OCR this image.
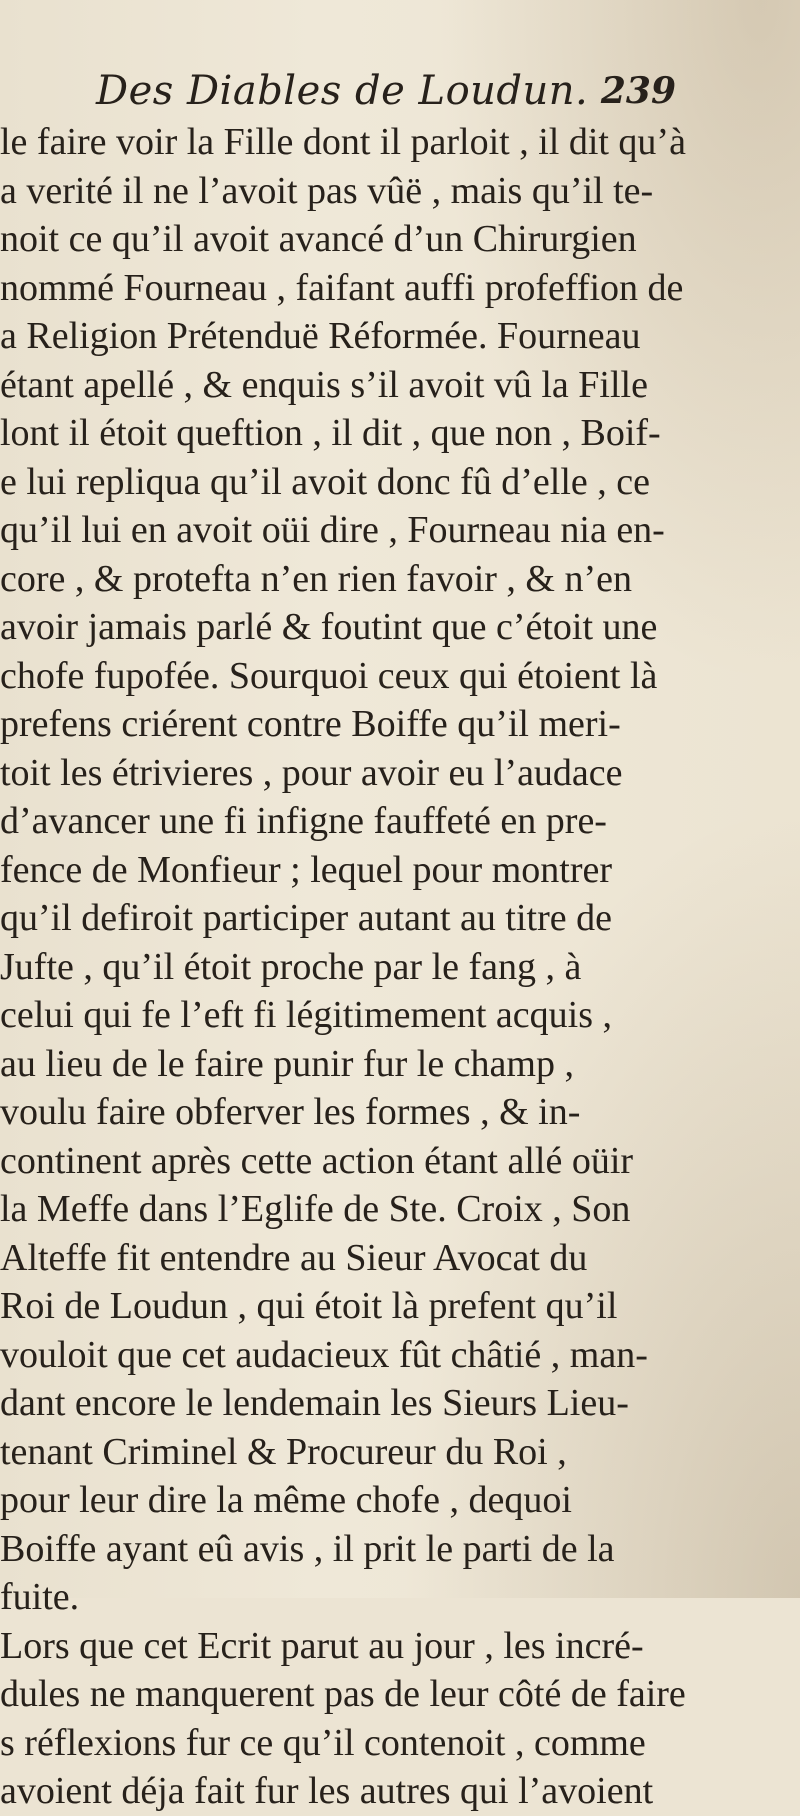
Des Diables de Loudun. 239
le faire voir la Fille dont il parloit , il dit qu’à
a verité il ne l’avoit pas vûë , mais qu’il te-
noit ce qu’il avoit avancé d’un Chirurgien
nommé Fourneau , faifant auffi profeffion de
a Religion Prétenduë Réformée. Fourneau
étant apellé , & enquis s’il avoit vû la Fille
lont il étoit queftion , il dit , que non , Boif-
e lui repliqua qu’il avoit donc fû d’elle , ce
qu’il lui en avoit oüi dire , Fourneau nia en-
core , & protefta n’en rien favoir , & n’en
avoir jamais parlé & foutint que c’étoit une
chofe fupofée. Sourquoi ceux qui étoient là
prefens criérent contre Boiffe qu’il meri-
toit les étrivieres , pour avoir eu l’audace
d’avancer une fi infigne fauffeté en pre-
fence de Monfieur ; lequel pour montrer
qu’il defiroit participer autant au titre de
Jufte , qu’il étoit proche par le fang , à
celui qui fe l’eft fi légitimement acquis ,
au lieu de le faire punir fur le champ ,
voulu faire obferver les formes , & in-
continent après cette action étant allé oüir
la Meffe dans l’Eglife de Ste. Croix , Son
Alteffe fit entendre au Sieur Avocat du
Roi de Loudun , qui étoit là prefent qu’il
vouloit que cet audacieux fût châtié , man-
dant encore le lendemain les Sieurs Lieu-
tenant Criminel & Procureur du Roi ,
pour leur dire la même chofe , dequoi
Boiffe ayant eû avis , il prit le parti de la
fuite.
Lors que cet Ecrit parut au jour , les incré-
dules ne manquerent pas de leur côté de faire
s réflexions fur ce qu’il contenoit , comme
avoient déja fait fur les autres qui l’avoient
